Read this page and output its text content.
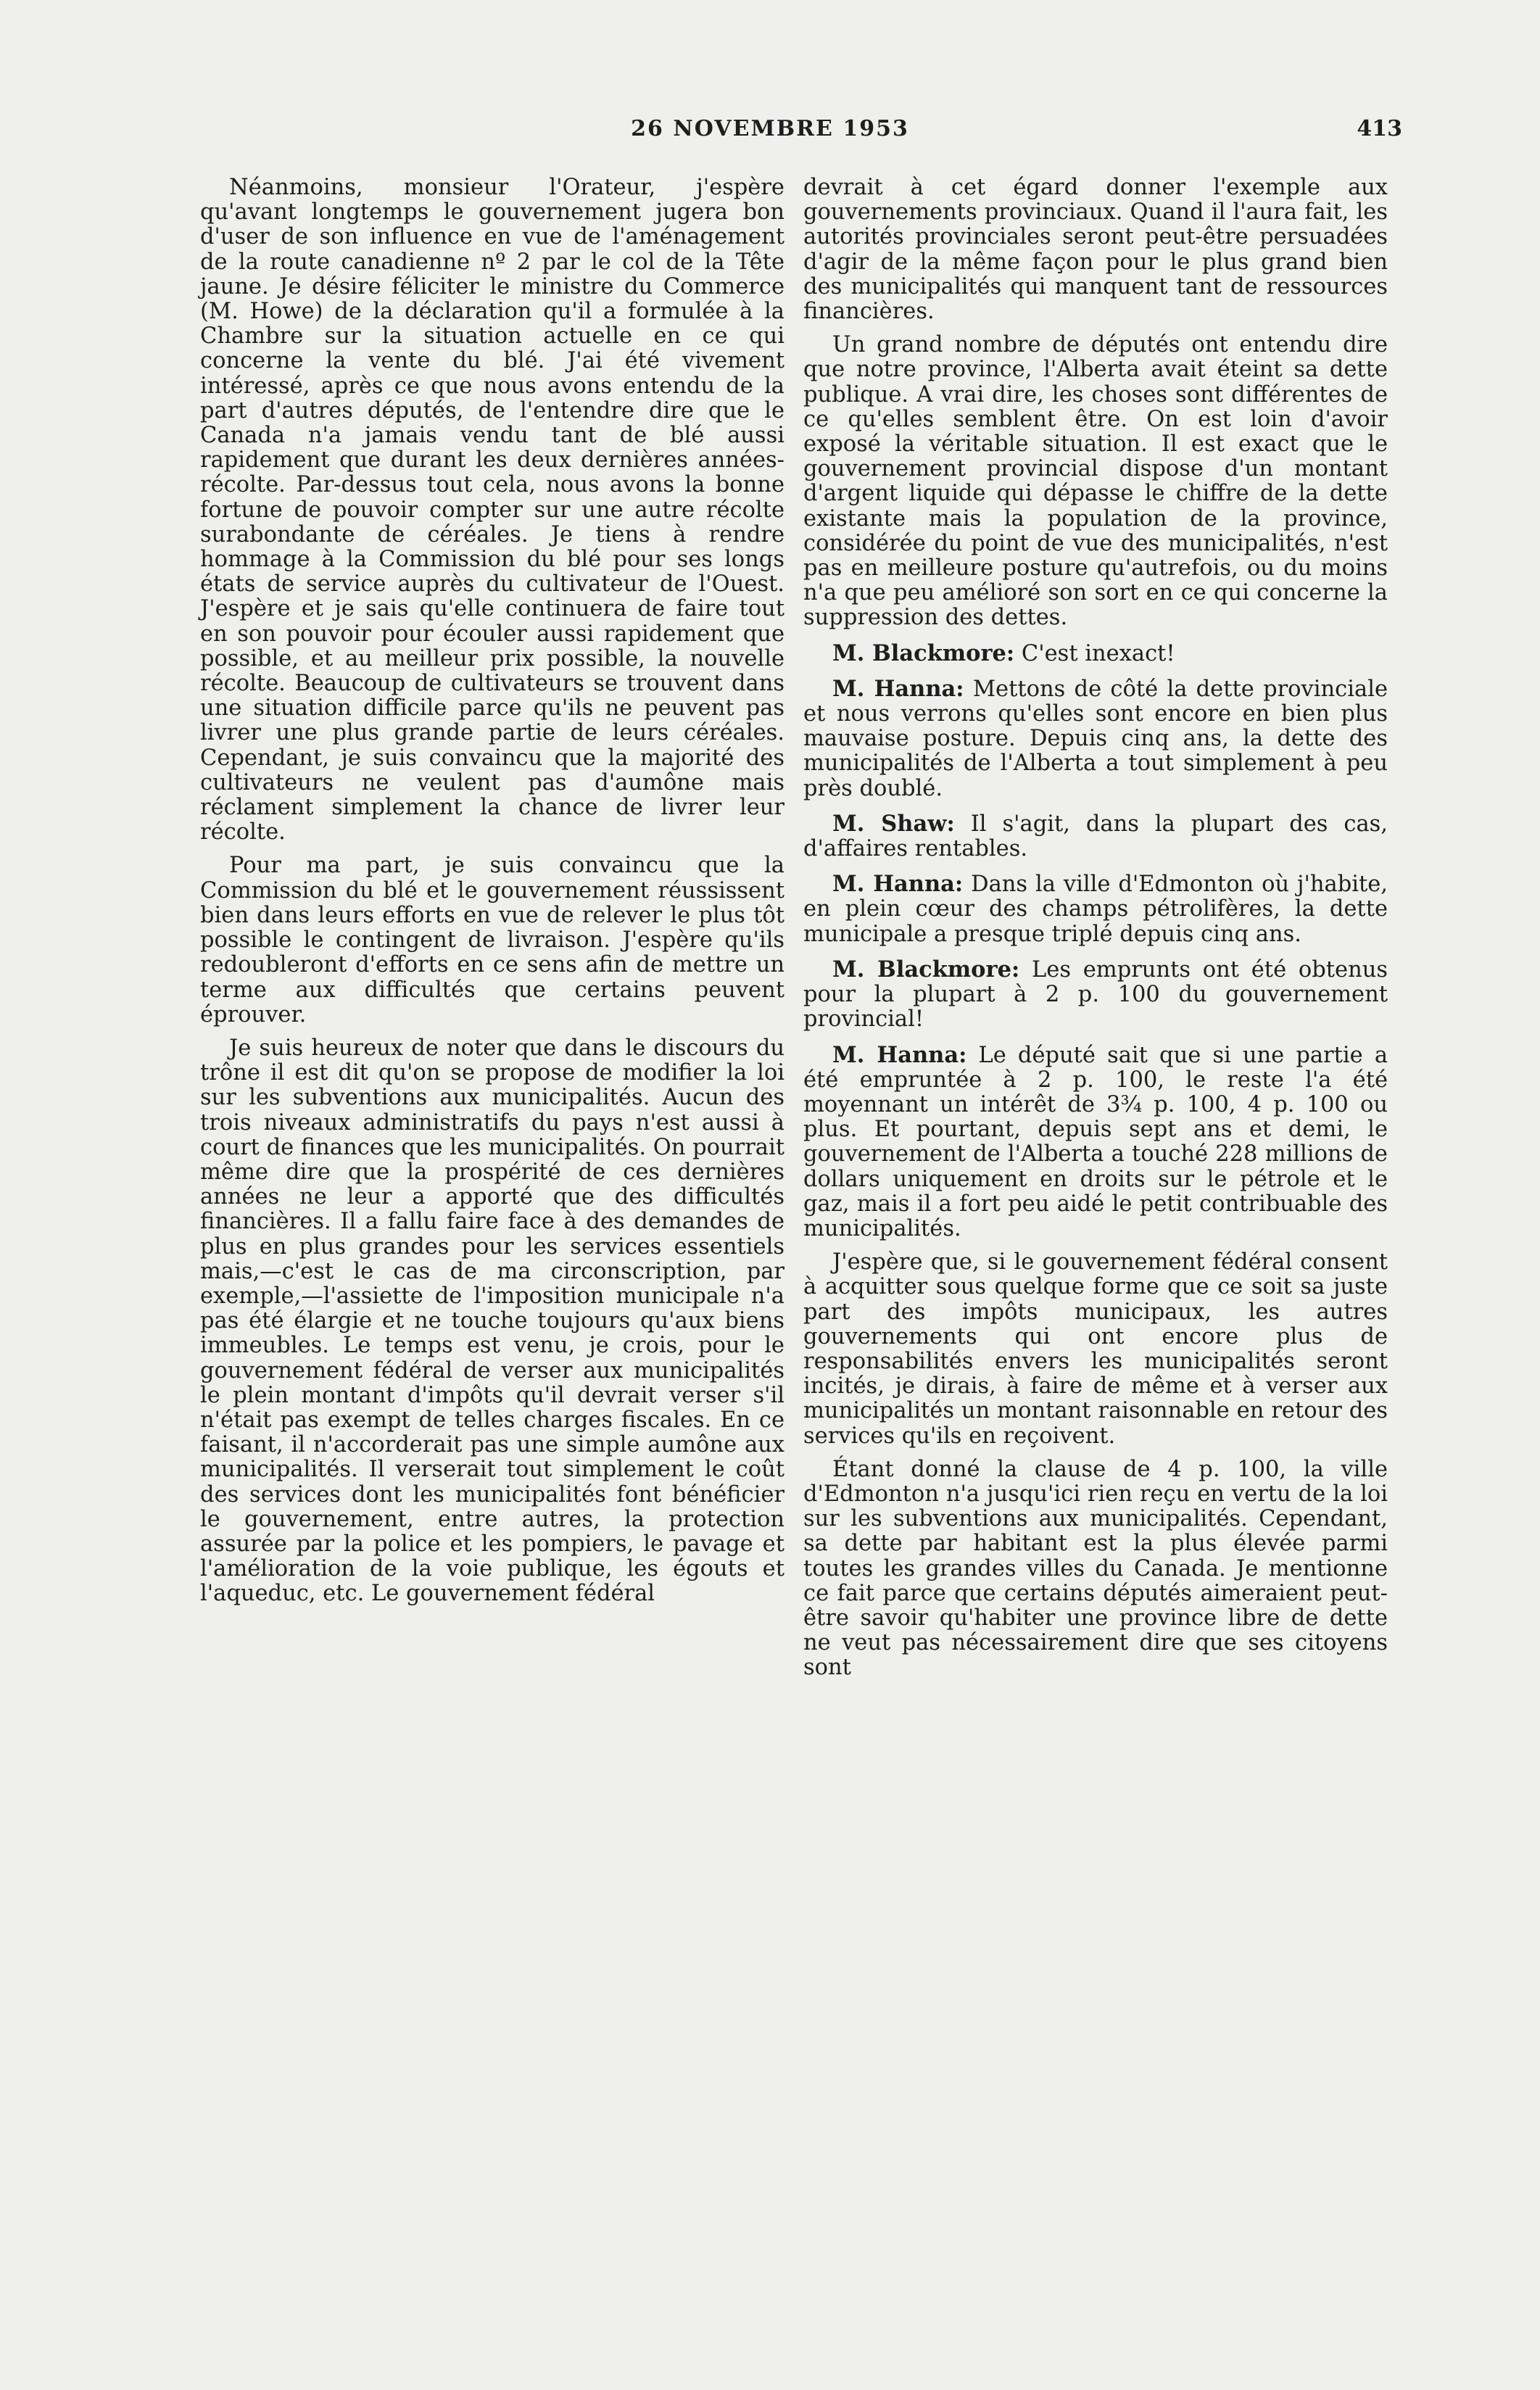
26 NOVEMBRE 1953	413

Néanmoins, monsieur l'Orateur, j'espère qu'avant longtemps le gouvernement jugera bon d'user de son influence en vue de l'aménagement de la route canadienne nº 2 par le col de la Tête jaune. Je désire féliciter le ministre du Commerce (M. Howe) de la déclaration qu'il a formulée à la Chambre sur la situation actuelle en ce qui concerne la vente du blé. J'ai été vivement intéressé, après ce que nous avons entendu de la part d'autres députés, de l'entendre dire que le Canada n'a jamais vendu tant de blé aussi rapidement que durant les deux dernières années-récolte. Par-dessus tout cela, nous avons la bonne fortune de pouvoir compter sur une autre récolte surabondante de céréales. Je tiens à rendre hommage à la Commission du blé pour ses longs états de service auprès du cultivateur de l'Ouest. J'espère et je sais qu'elle continuera de faire tout en son pouvoir pour écouler aussi rapidement que possible, et au meilleur prix possible, la nouvelle récolte. Beaucoup de cultivateurs se trouvent dans une situation difficile parce qu'ils ne peuvent pas livrer une plus grande partie de leurs céréales. Cependant, je suis convaincu que la majorité des cultivateurs ne veulent pas d'aumône mais réclament simplement la chance de livrer leur récolte.

Pour ma part, je suis convaincu que la Commission du blé et le gouvernement réussissent bien dans leurs efforts en vue de relever le plus tôt possible le contingent de livraison. J'espère qu'ils redoubleront d'efforts en ce sens afin de mettre un terme aux difficultés que certains peuvent éprouver.

Je suis heureux de noter que dans le discours du trône il est dit qu'on se propose de modifier la loi sur les subventions aux municipalités. Aucun des trois niveaux administratifs du pays n'est aussi à court de finances que les municipalités. On pourrait même dire que la prospérité de ces dernières années ne leur a apporté que des difficultés financières. Il a fallu faire face à des demandes de plus en plus grandes pour les services essentiels mais,—c'est le cas de ma circonscription, par exemple,—l'assiette de l'imposition municipale n'a pas été élargie et ne touche toujours qu'aux biens immeubles. Le temps est venu, je crois, pour le gouvernement fédéral de verser aux municipalités le plein montant d'impôts qu'il devrait verser s'il n'était pas exempt de telles charges fiscales. En ce faisant, il n'accorderait pas une simple aumône aux municipalités. Il verserait tout simplement le coût des services dont les municipalités font bénéficier le gouvernement, entre autres, la protection assurée par la police et les pompiers, le pavage et l'amélioration de la voie publique, les égouts et l'aqueduc, etc. Le gouvernement fédéral

devrait à cet égard donner l'exemple aux gouvernements provinciaux. Quand il l'aura fait, les autorités provinciales seront peut-être persuadées d'agir de la même façon pour le plus grand bien des municipalités qui manquent tant de ressources financières.

Un grand nombre de députés ont entendu dire que notre province, l'Alberta avait éteint sa dette publique. A vrai dire, les choses sont différentes de ce qu'elles semblent être. On est loin d'avoir exposé la véritable situation. Il est exact que le gouvernement provincial dispose d'un montant d'argent liquide qui dépasse le chiffre de la dette existante mais la population de la province, considérée du point de vue des municipalités, n'est pas en meilleure posture qu'autrefois, ou du moins n'a que peu amélioré son sort en ce qui concerne la suppression des dettes.

M. Blackmore: C'est inexact!

M. Hanna: Mettons de côté la dette provinciale et nous verrons qu'elles sont encore en bien plus mauvaise posture. Depuis cinq ans, la dette des municipalités de l'Alberta a tout simplement à peu près doublé.

M. Shaw: Il s'agit, dans la plupart des cas, d'affaires rentables.

M. Hanna: Dans la ville d'Edmonton où j'habite, en plein cœur des champs pétrolifères, la dette municipale a presque triplé depuis cinq ans.

M. Blackmore: Les emprunts ont été obtenus pour la plupart à 2 p. 100 du gouvernement provincial!

M. Hanna: Le député sait que si une partie a été empruntée à 2 p. 100, le reste l'a été moyennant un intérêt de 3¾ p. 100, 4 p. 100 ou plus. Et pourtant, depuis sept ans et demi, le gouvernement de l'Alberta a touché 228 millions de dollars uniquement en droits sur le pétrole et le gaz, mais il a fort peu aidé le petit contribuable des municipalités.

J'espère que, si le gouvernement fédéral consent à acquitter sous quelque forme que ce soit sa juste part des impôts municipaux, les autres gouvernements qui ont encore plus de responsabilités envers les municipalités seront incités, je dirais, à faire de même et à verser aux municipalités un montant raisonnable en retour des services qu'ils en reçoivent.

Étant donné la clause de 4 p. 100, la ville d'Edmonton n'a jusqu'ici rien reçu en vertu de la loi sur les subventions aux municipalités. Cependant, sa dette par habitant est la plus élevée parmi toutes les grandes villes du Canada. Je mentionne ce fait parce que certains députés aimeraient peut-être savoir qu'habiter une province libre de dette ne veut pas nécessairement dire que ses citoyens sont
